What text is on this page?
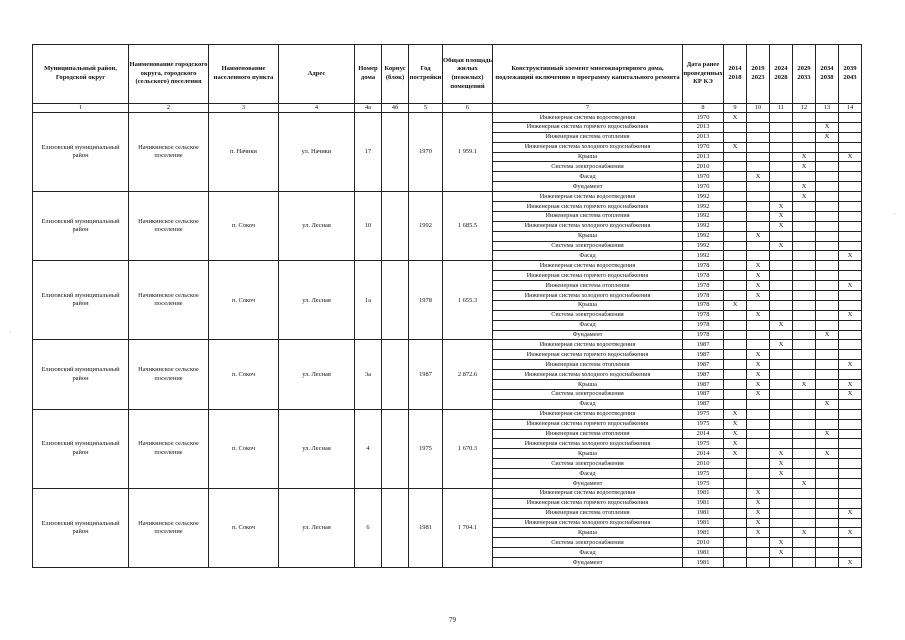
Муниципальный район, Городской округ	Наименование городского округа, городского (сельского) поселения	Наименование населенного пункта	Адрес	Номер дома	Корпус (блок)	Год постройки	Общая площадь жилых (нежилых) помещений	Конструктивный элемент многоквартирного дома, подлежащий включению в программу капитального ремонта	Дата ранее проведенных КР КЭ	2014 2018	2019 2023	2024 2028	2029 2033	2034 2038	2039 2043
1	2	3	4	4а	4б	5	6	7	8	9	10	11	12	13	14
Елизовский муниципальный район	Начикинское сельское поселение	п. Начики	ул. Начики	17		1970	1 959.1	Инженерная система водоотведения	1970	X					
								Инженерная система горячего водоснабжения	2013					X	
								Инженерная система отопления	2013					X	
								Инженерная система холодного водоснабжения	1970	X					
								Крыша	2013				X		X
								Система электроснабжения	2010				X		
								Фасад	1970		X				
								Фундамент	1970				X		
Елизовский муниципальный район	Начикинское сельское поселение	п. Сокоч	ул. Лесная	10		1992	1 685.5	Инженерная система водоотведения	1992				X		
								Инженерная система горячего водоснабжения	1992			X			
								Инженерная система отопления	1992			X			
								Инженерная система холодного водоснабжения	1992			X			
								Крыша	1992		X				
								Система электроснабжения	1992			X			
								Фасад	1992						X
Елизовский муниципальный район	Начикинское сельское поселение	п. Сокоч	ул. Лесная	1а		1978	1 655.3	Инженерная система водоотведения	1978		X				
								Инженерная система горячего водоснабжения	1978		X				
								Инженерная система отопления	1978		X				X
								Инженерная система холодного водоснабжения	1978		X				
								Крыша	1978	X					
								Система электроснабжения	1978		X				X
								Фасад	1978			X			
								Фундамент	1978					X	
Елизовский муниципальный район	Начикинское сельское поселение	п. Сокоч	ул. Лесная	3а		1987	2 872.6	Инженерная система водоотведения	1987			X			
								Инженерная система горячего водоснабжения	1987		X				
								Инженерная система отопления	1987		X				X
								Инженерная система холодного водоснабжения	1987		X				
								Крыша	1987		X		X		X
								Система электроснабжения	1987		X				X
								Фасад	1987					X	
Елизовский муниципальный район	Начикинское сельское поселение	п. Сокоч	ул. Лесная	4		1975	1 670.3	Инженерная система водоотведения	1975	X					
								Инженерная система горячего водоснабжения	1975	X					
								Инженерная система отопления	2014	X				X	
								Инженерная система холодного водоснабжения	1975	X					
								Крыша	2014	X		X		X	
								Система электроснабжения	2010			X			
								Фасад	1975			X			
								Фундамент	1975				X		
Елизовский муниципальный район	Начикинское сельское поселение	п. Сокоч	ул. Лесная	6		1981	1 704.1	Инженерная система водоотведения	1981		X				
								Инженерная система горячего водоснабжения	1981		X				
								Инженерная система отопления	1981		X				X
								Инженерная система холодного водоснабжения	1981		X				
								Крыша	1981		X		X		X
								Система электроснабжения	2010			X			
								Фасад	1981			X			
								Фундамент	1981						X
·
·
79
